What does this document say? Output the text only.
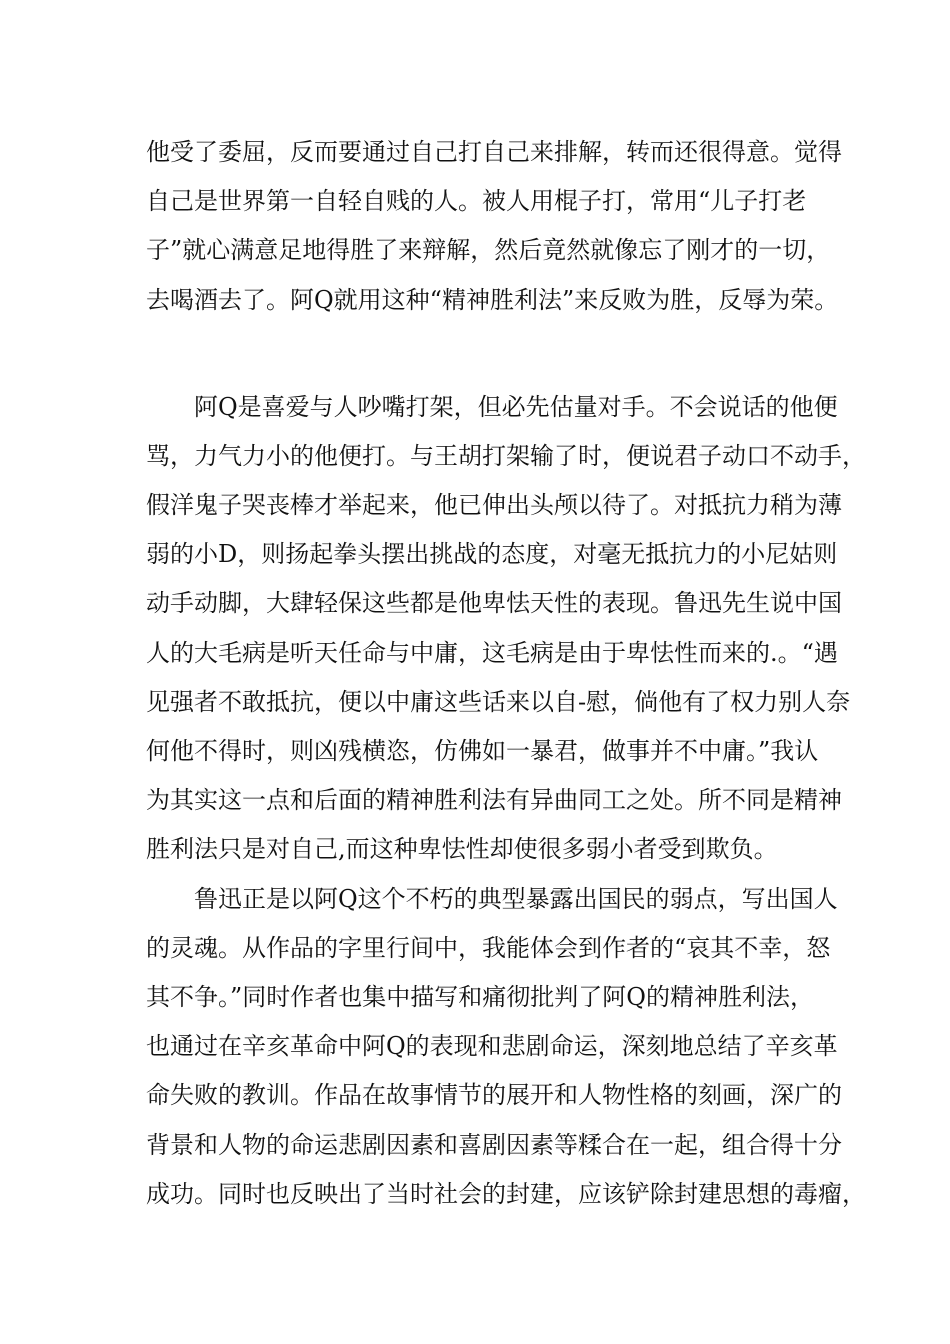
他受了委屈，反而要通过自己打自己来排解，转而还很得意。觉得
自己是世界第一自轻自贱的人。被人用棍子打，常用“儿子打老
子”就心满意足地得胜了来辩解，然后竟然就像忘了刚才的一切，
去喝酒去了。阿Q就用这种“精神胜利法”来反败为胜，反辱为荣。
阿Q是喜爱与人吵嘴打架，但必先估量对手。不会说话的他便
骂，力气力小的他便打。与王胡打架输了时，便说君子动口不动手，
假洋鬼子哭丧棒才举起来，他已伸出头颅以待了。对抵抗力稍为薄
弱的小D，则扬起拳头摆出挑战的态度，对毫无抵抗力的小尼姑则
动手动脚，大肆轻保这些都是他卑怯天性的表现。鲁迅先生说中国
人的大毛病是听天任命与中庸，这毛病是由于卑怯性而来的.。“遇
见强者不敢抵抗，便以中庸这些话来以自-慰，倘他有了权力别人奈
何他不得时，则凶残横恣，仿佛如一暴君，做事并不中庸。”我认
为其实这一点和后面的精神胜利法有异曲同工之处。所不同是精神
胜利法只是对自己,而这种卑怯性却使很多弱小者受到欺负。
鲁迅正是以阿Q这个不朽的典型暴露出国民的弱点，写出国人
的灵魂。从作品的字里行间中，我能体会到作者的“哀其不幸，怒
其不争。”同时作者也集中描写和痛彻批判了阿Q的精神胜利法，
也通过在辛亥革命中阿Q的表现和悲剧命运，深刻地总结了辛亥革
命失败的教训。作品在故事情节的展开和人物性格的刻画，深广的
背景和人物的命运悲剧因素和喜剧因素等糅合在一起，组合得十分
成功。同时也反映出了当时社会的封建，应该铲除封建思想的毒瘤，
